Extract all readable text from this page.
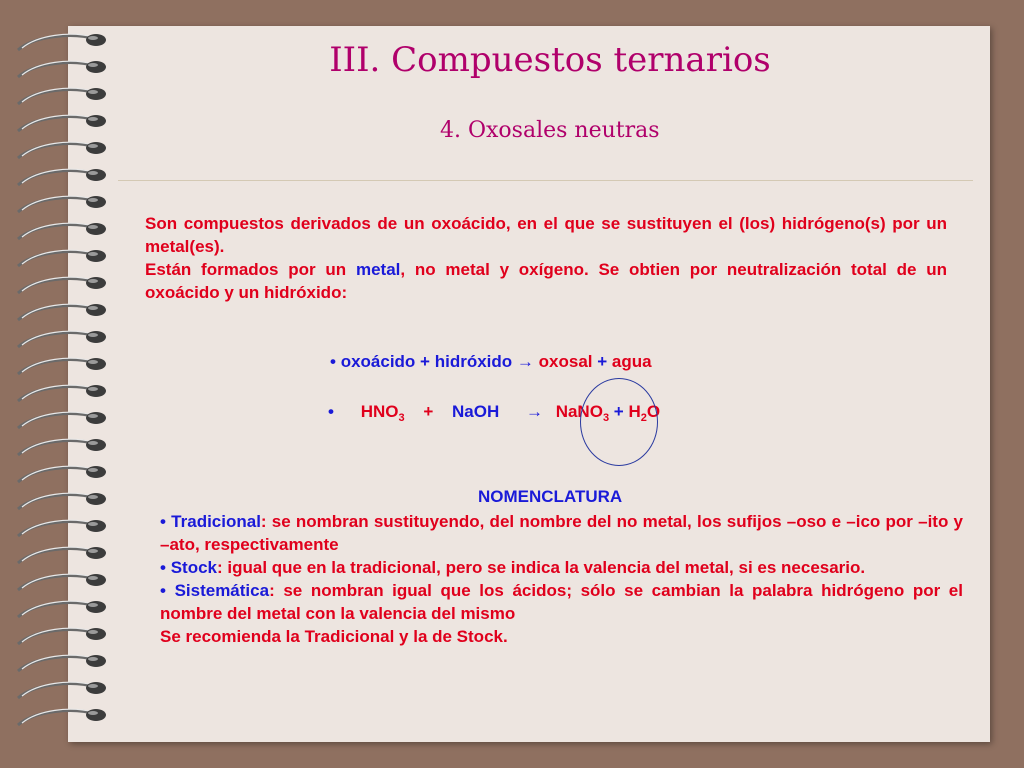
III. Compuestos ternarios
4. Oxosales neutras
Son compuestos derivados de un oxoácido, en el que se sustituyen el (los) hidrógeno(s) por un metal(es).
Están formados por un metal, no metal y oxígeno. Se obtien por neutralización total de un oxoácido y un hidróxido:
• oxoácido + hidróxido → oxosal + agua
• $HNO_3$ + NaOH → NaNO$_3$ + $H_2O$
NOMENCLATURA
• Tradicional: se nombran sustituyendo, del nombre del no metal, los sufijos –oso e –ico por –ito y –ato, respectivamente
• Stock: igual que en la tradicional, pero se indica la valencia del metal, si es necesario.
• Sistemática: se nombran igual que los ácidos; sólo se cambian la palabra hidrógeno por el nombre del metal con la valencia del mismo
Se recomienda la Tradicional y la de Stock.
